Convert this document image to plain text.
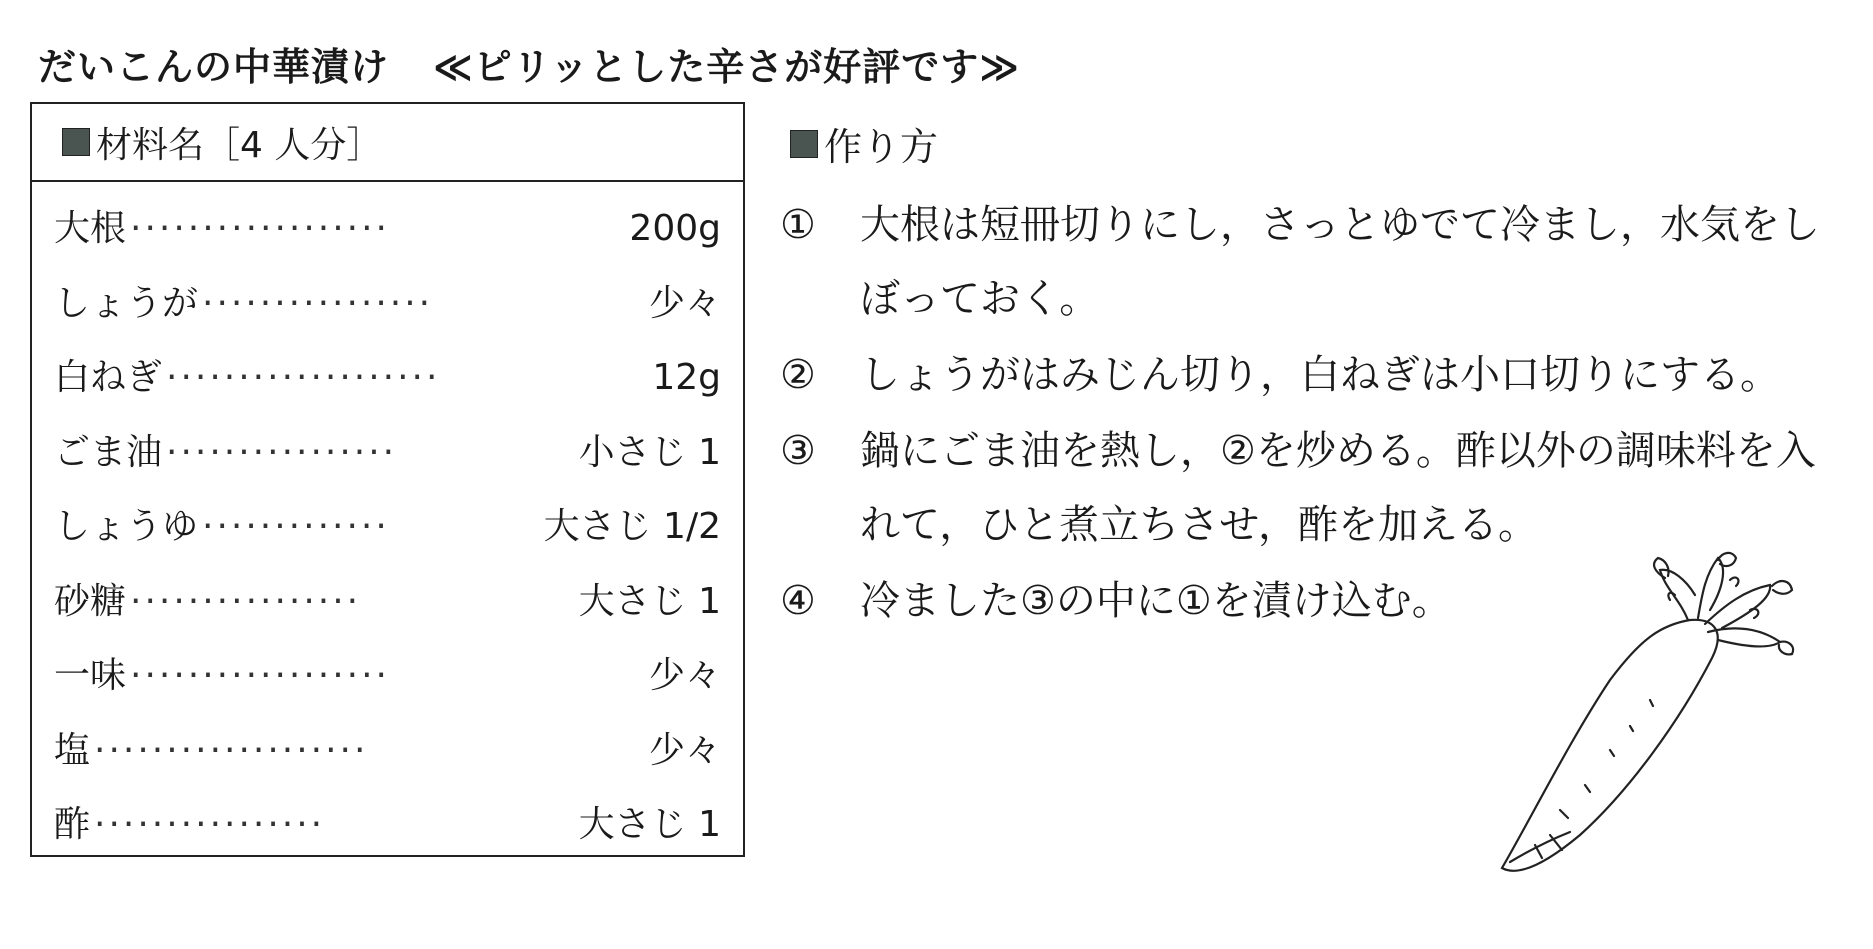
だいこんの中華漬け ≪ピリッとした辛さが好評です≫
材料名［4 人分］
大根 ··················	200g
しょうが ················	少々
白ねぎ ···················	12g
ごま油 ················	小さじ 1
しょうゆ ·············	大さじ 1/2
砂糖 ················	大さじ 1
一味 ··················	少々
塩 ···················	少々
酢 ················	大さじ 1
作り方
①	大根は短冊切りにし，さっとゆでて冷まし，水気をしぼっておく。
②	しょうがはみじん切り，白ねぎは小口切りにする。
③	鍋にごま油を熱し，②を炒める。酢以外の調味料を入れて，ひと煮立ちさせ，酢を加える。
④	冷ました③の中に①を漬け込む。
